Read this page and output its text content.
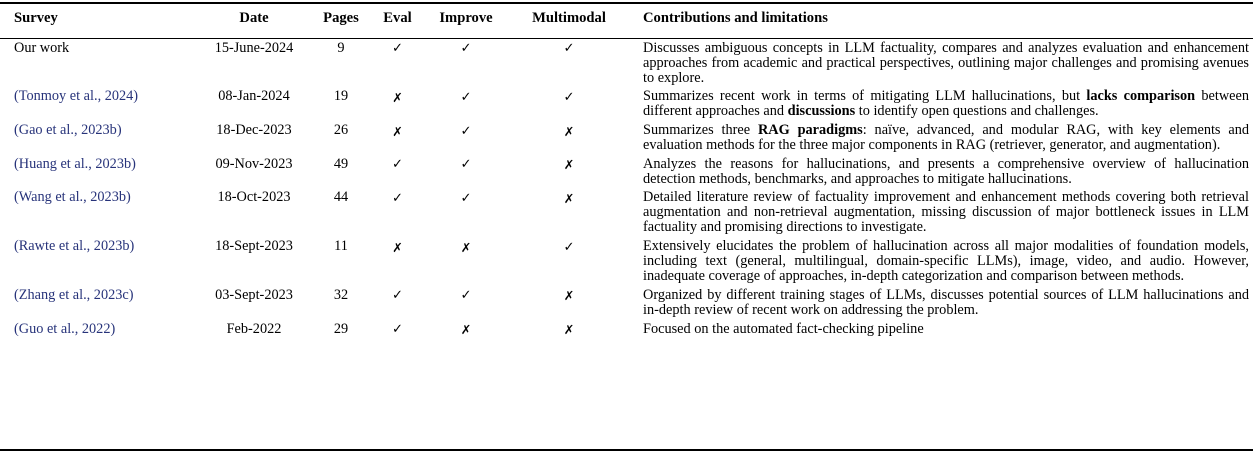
Survey	Date	Pages	Eval	Improve	Multimodal	Contributions and limitations
Our work	15-June-2024	9	✓	✓	✓	Discusses ambiguous concepts in LLM factuality, compares and analyzes evaluation and enhancement approaches from academic and practical perspectives, outlining major challenges and promising avenues to explore.

(Tonmoy et al., 2024)	08-Jan-2024	19	✗	✓	✓	Summarizes recent work in terms of mitigating LLM hallucinations, but lacks comparison between different approaches and discussions to identify open questions and challenges.

(Gao et al., 2023b)	18-Dec-2023	26	✗	✓	✗	Summarizes three RAG paradigms: naïve, advanced, and modular RAG, with key elements and evaluation methods for the three major components in RAG (retriever, generator, and augmentation).

(Huang et al., 2023b)	09-Nov-2023	49	✓	✓	✗	Analyzes the reasons for hallucinations, and presents a comprehensive overview of hallucination detection methods, benchmarks, and approaches to mitigate hallucinations.

(Wang et al., 2023b)	18-Oct-2023	44	✓	✓	✗	Detailed literature review of factuality improvement and enhancement methods covering both retrieval augmentation and non-retrieval augmentation, missing discussion of major bottleneck issues in LLM factuality and promising directions to investigate.

(Rawte et al., 2023b)	18-Sept-2023	11	✗	✗	✓	Extensively elucidates the problem of hallucination across all major modalities of foundation models, including text (general, multilingual, domain-specific LLMs), image, video, and audio. However, inadequate coverage of approaches, in-depth categorization and comparison between methods.

(Zhang et al., 2023c)	03-Sept-2023	32	✓	✓	✗	Organized by different training stages of LLMs, discusses potential sources of LLM hallucinations and in-depth review of recent work on addressing the problem.

(Guo et al., 2022)	Feb-2022	29	✓	✗	✗	Focused on the automated fact-checking pipeline
